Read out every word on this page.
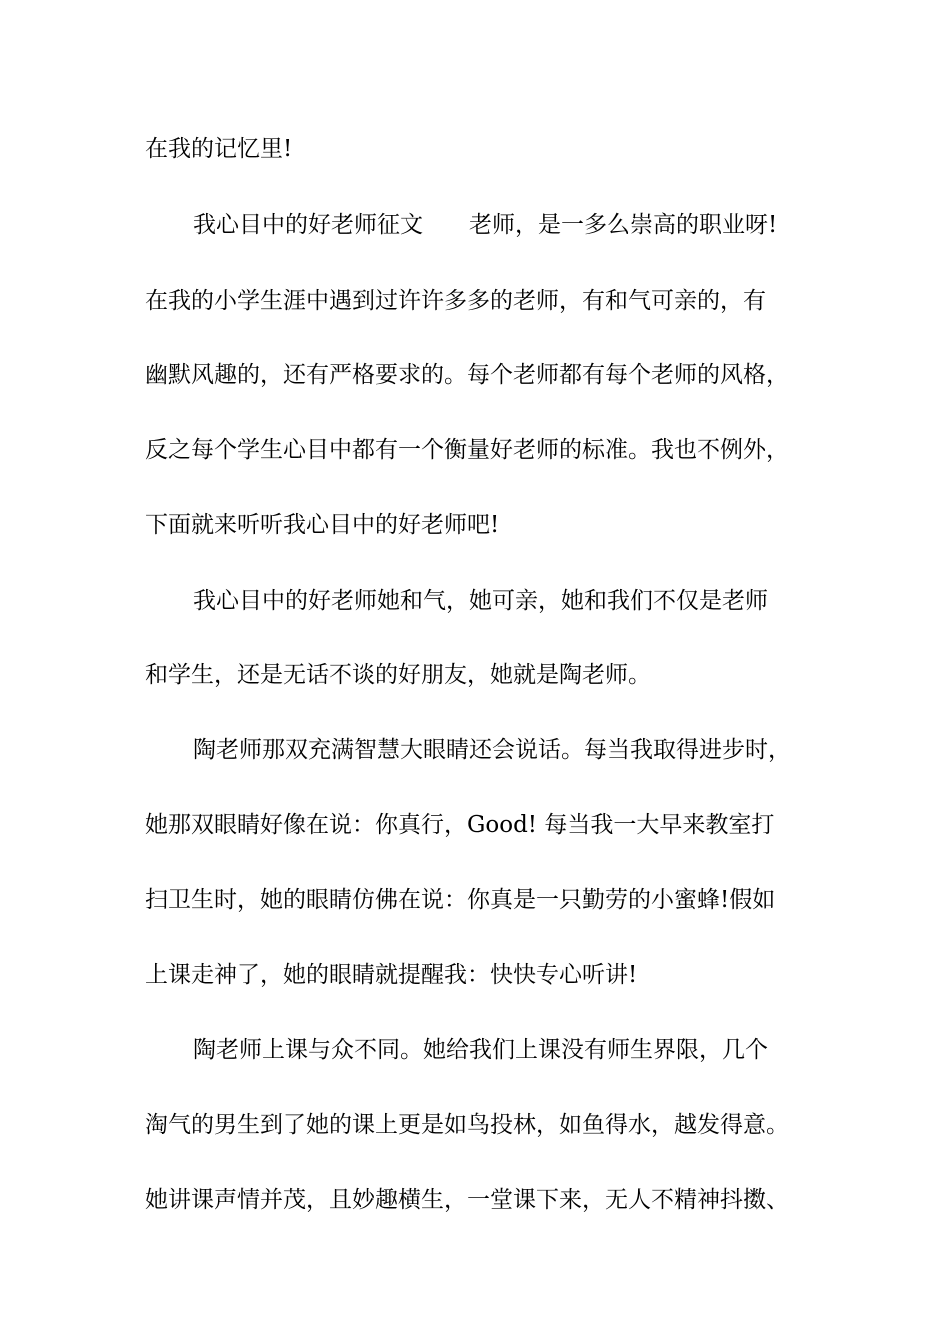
在我的记忆里!
我心目中的好老师征文　　老师，是一多么崇高的职业呀!
在我的小学生涯中遇到过许许多多的老师，有和气可亲的，有
幽默风趣的，还有严格要求的。每个老师都有每个老师的风格，
反之每个学生心目中都有一个衡量好老师的标准。我也不例外，
下面就来听听我心目中的好老师吧!
我心目中的好老师她和气，她可亲，她和我们不仅是老师
和学生，还是无话不谈的好朋友，她就是陶老师。
陶老师那双充满智慧大眼睛还会说话。每当我取得进步时，
她那双眼睛好像在说：你真行，Good! 每当我一大早来教室打
扫卫生时，她的眼睛仿佛在说：你真是一只勤劳的小蜜蜂!假如
上课走神了，她的眼睛就提醒我：快快专心听讲!
陶老师上课与众不同。她给我们上课没有师生界限，几个
淘气的男生到了她的课上更是如鸟投林，如鱼得水，越发得意。
她讲课声情并茂，且妙趣横生，一堂课下来，无人不精神抖擞、
